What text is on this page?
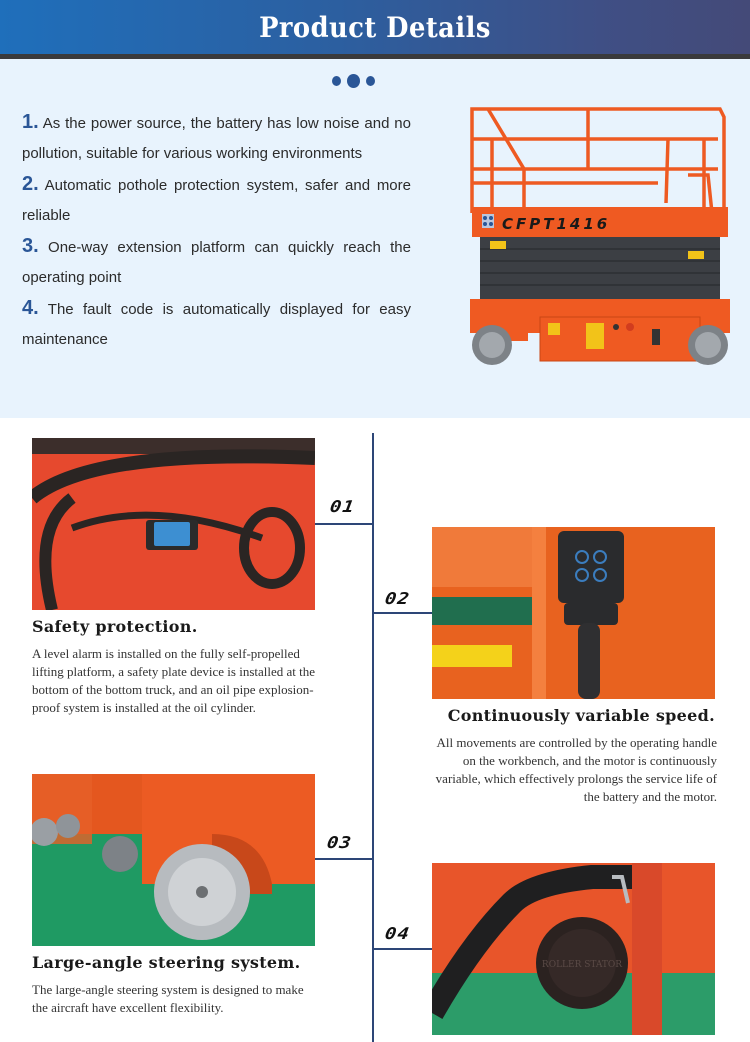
Product Details

1. As the power source, the battery has low noise and no pollution, suitable for various working environments

2. Automatic pothole protection system, safer and more reliable

3. One-way extension platform can quickly reach the operating point

4. The fault code is automatically displayed for easy maintenance

CFPT1416
01
Safety protection.

A level alarm is installed on the fully self-propelled lifting platform, a safety plate device is installed at the bottom of the bottom truck, and an oil pipe explosion-proof system is installed at the oil cylinder.

02
Continuously variable speed.

All movements are controlled by the operating handle on the workbench, and the motor is continuously variable, which effectively prolongs the service life of the battery and the motor.

03
Large-angle steering system.

The large-angle steering system is designed to make the aircraft have excellent flexibility.

ROLLER STATOR
04
